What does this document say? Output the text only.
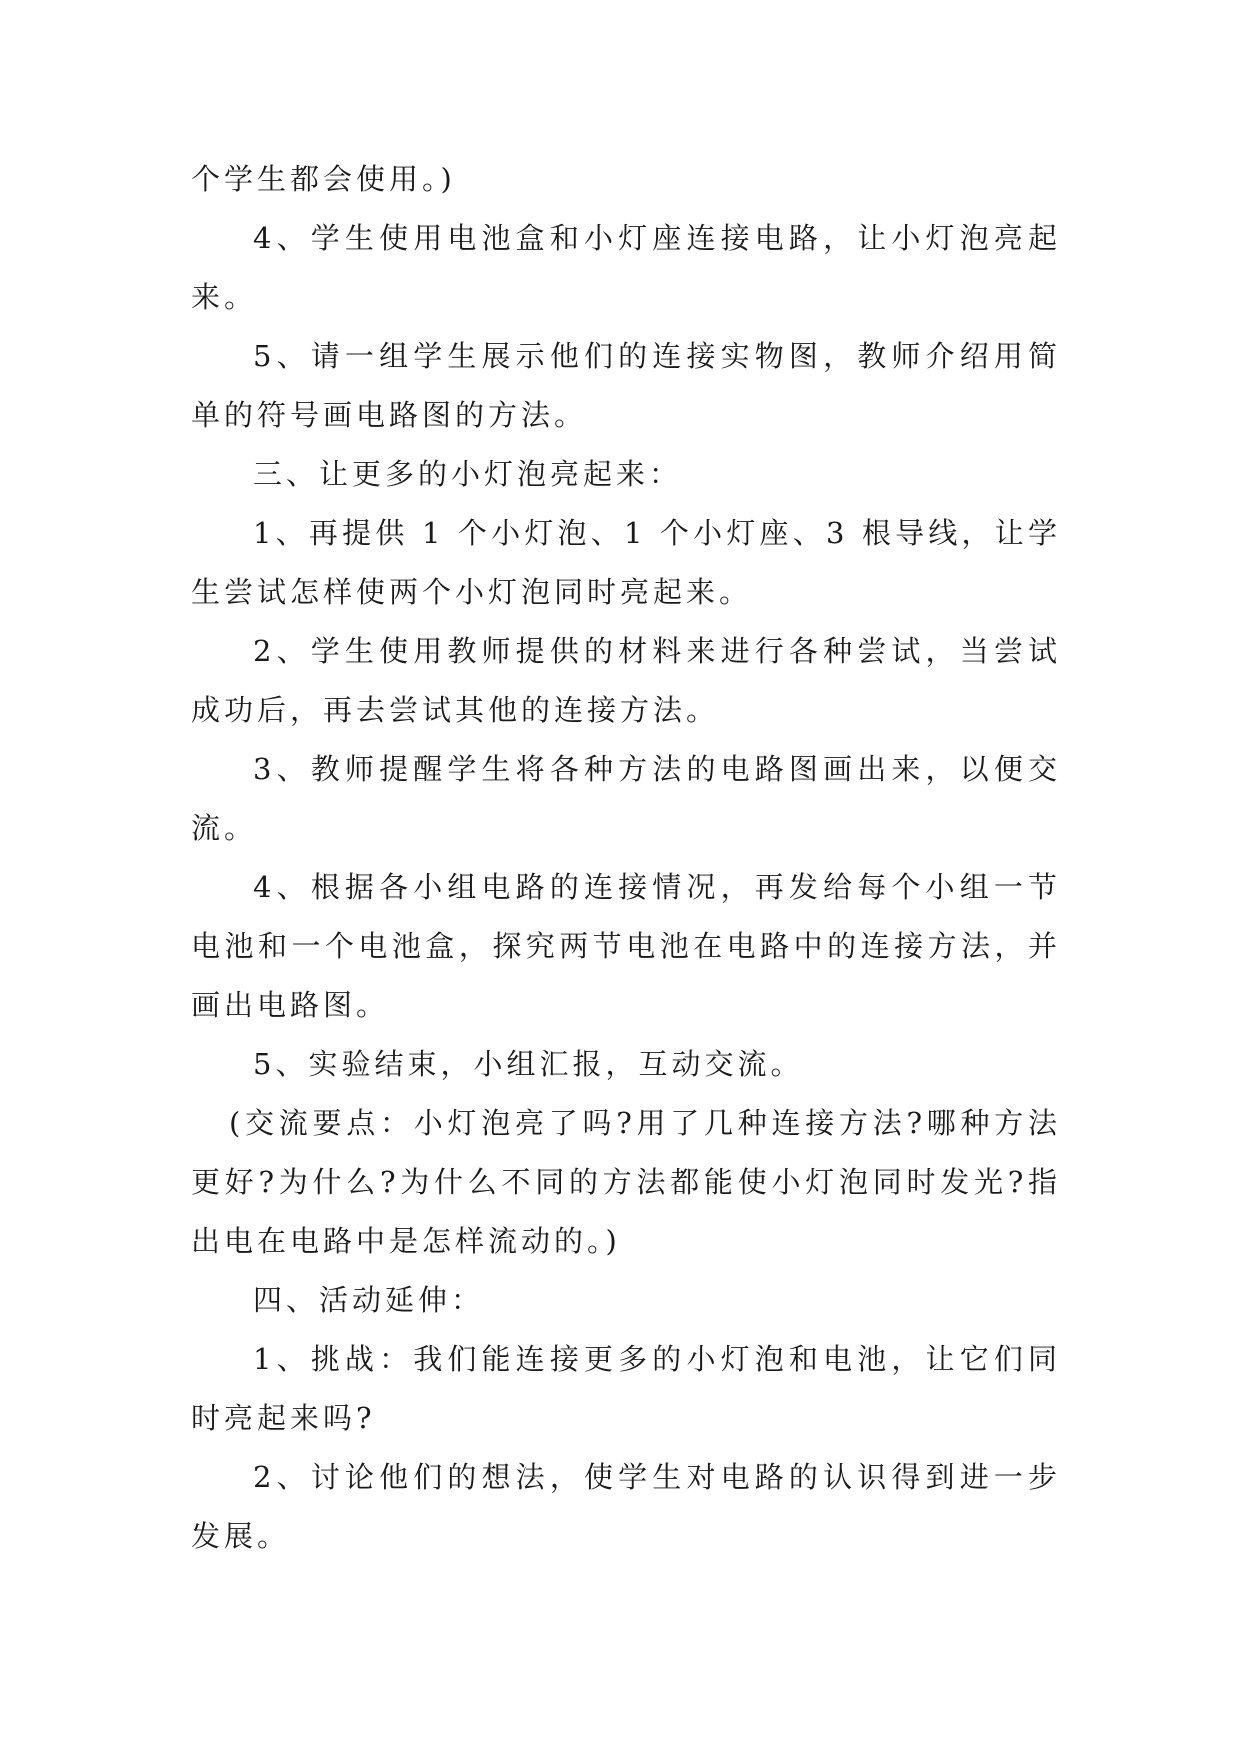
个学生都会使用。)

4、学生使用电池盒和小灯座连接电路，让小灯泡亮起来。

5、请一组学生展示他们的连接实物图，教师介绍用简单的符号画电路图的方法。

三、让更多的小灯泡亮起来：

1、再提供 1 个小灯泡、1 个小灯座、3 根导线，让学生尝试怎样使两个小灯泡同时亮起来。

2、学生使用教师提供的材料来进行各种尝试，当尝试成功后，再去尝试其他的连接方法。

3、教师提醒学生将各种方法的电路图画出来，以便交流。

4、根据各小组电路的连接情况，再发给每个小组一节电池和一个电池盒，探究两节电池在电路中的连接方法，并画出电路图。

5、实验结束，小组汇报，互动交流。

(交流要点：小灯泡亮了吗?用了几种连接方法?哪种方法更好?为什么?为什么不同的方法都能使小灯泡同时发光?指出电在电路中是怎样流动的。)

四、活动延伸：

1、挑战：我们能连接更多的小灯泡和电池，让它们同时亮起来吗?

2、讨论他们的想法，使学生对电路的认识得到进一步发展。
